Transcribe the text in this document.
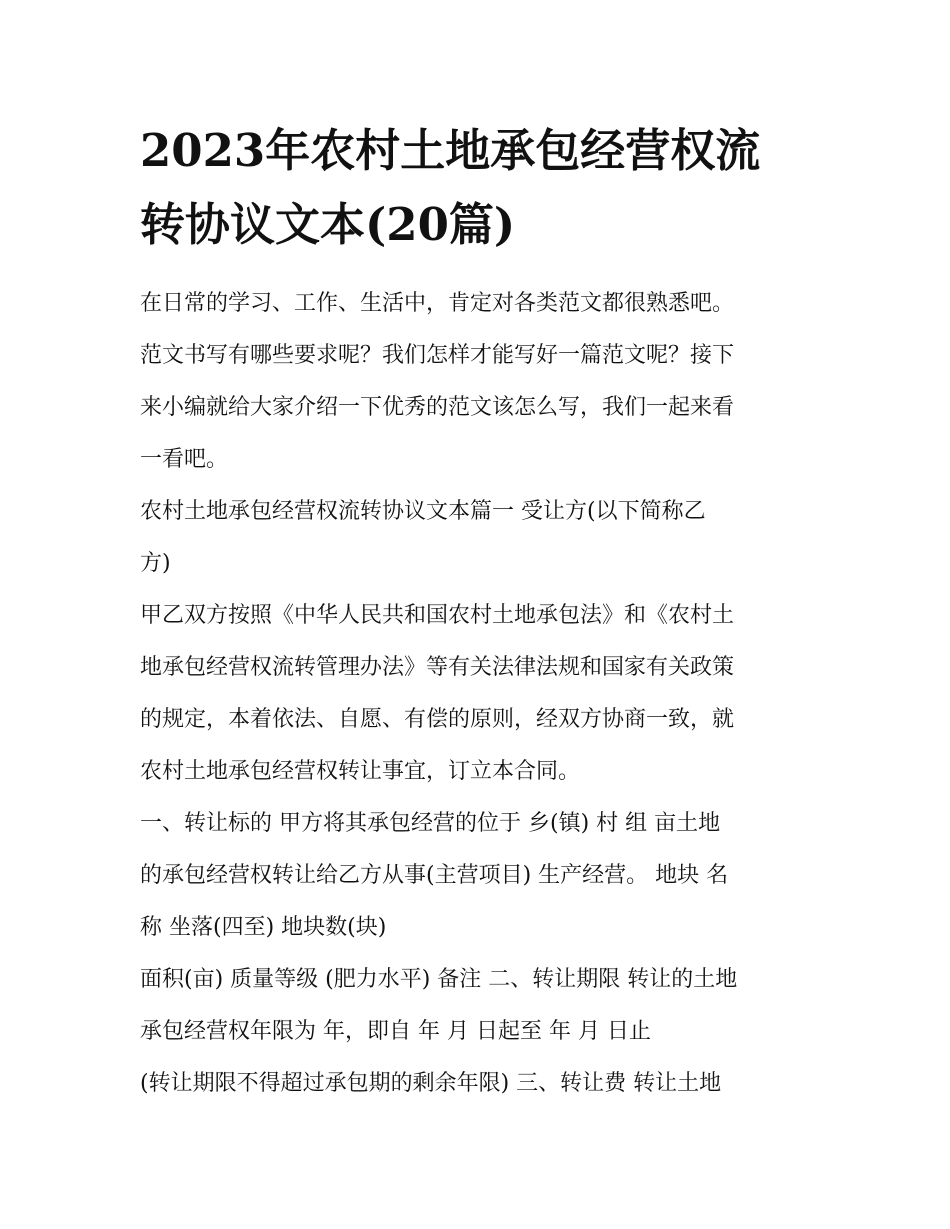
2023年农村土地承包经营权流
转协议文本(20篇)

在日常的学习、工作、生活中，肯定对各类范文都很熟悉吧。

范文书写有哪些要求呢？我们怎样才能写好一篇范文呢？接下

来小编就给大家介绍一下优秀的范文该怎么写，我们一起来看

一看吧。

农村土地承包经营权流转协议文本篇一 受让方(以下简称乙

方)

甲乙双方按照《中华人民共和国农村土地承包法》和《农村土

地承包经营权流转管理办法》等有关法律法规和国家有关政策

的规定，本着依法、自愿、有偿的原则，经双方协商一致，就

农村土地承包经营权转让事宜，订立本合同。

一、转让标的 甲方将其承包经营的位于 乡(镇) 村 组 亩土地

的承包经营权转让给乙方从事(主营项目) 生产经营。 地块 名

称 坐落(四至) 地块数(块)

面积(亩) 质量等级 (肥力水平) 备注 二、转让期限 转让的土地

承包经营权年限为 年，即自 年 月 日起至 年 月 日止

(转让期限不得超过承包期的剩余年限) 三、转让费 转让土地
